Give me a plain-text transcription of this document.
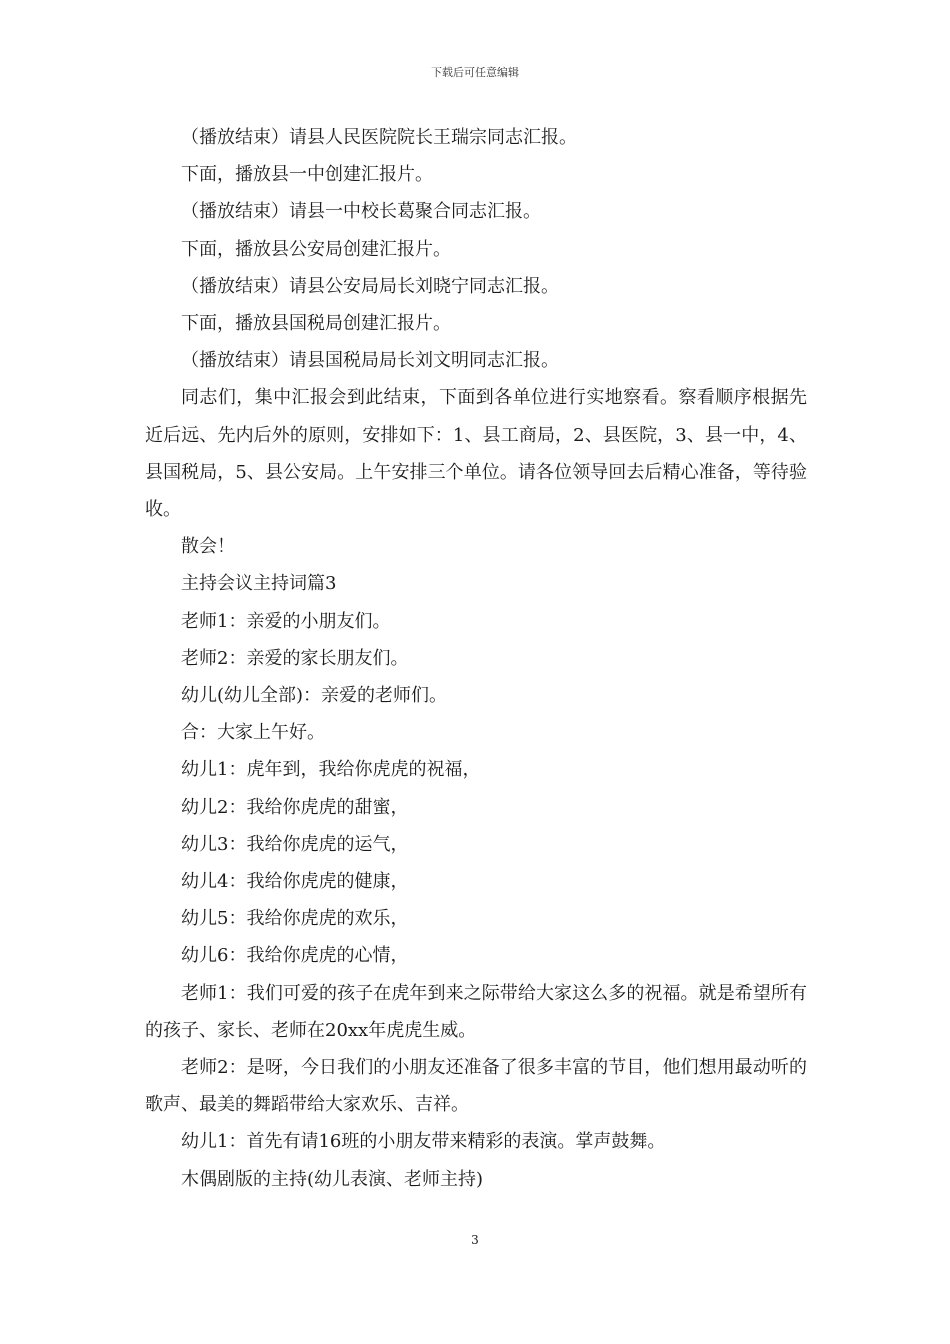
下载后可任意编辑

（播放结束）请县人民医院院长王瑞宗同志汇报。

下面，播放县一中创建汇报片。

（播放结束）请县一中校长葛聚合同志汇报。

下面，播放县公安局创建汇报片。

（播放结束）请县公安局局长刘晓宁同志汇报。

下面，播放县国税局创建汇报片。

（播放结束）请县国税局局长刘文明同志汇报。

同志们，集中汇报会到此结束，下面到各单位进行实地察看。察看顺序根据先近后远、先内后外的原则，安排如下：1、县工商局，2、县医院，3、县一中，4、县国税局，5、县公安局。上午安排三个单位。请各位领导回去后精心准备，等待验收。

散会！

主持会议主持词篇3

老师1：亲爱的小朋友们。

老师2：亲爱的家长朋友们。

幼儿(幼儿全部)：亲爱的老师们。

合：大家上午好。

幼儿1：虎年到，我给你虎虎的祝福，

幼儿2：我给你虎虎的甜蜜，

幼儿3：我给你虎虎的运气，

幼儿4：我给你虎虎的健康，

幼儿5：我给你虎虎的欢乐，

幼儿6：我给你虎虎的心情，

老师1：我们可爱的孩子在虎年到来之际带给大家这么多的祝福。就是希望所有的孩子、家长、老师在20xx年虎虎生威。

老师2：是呀，今日我们的小朋友还准备了很多丰富的节目，他们想用最动听的歌声、最美的舞蹈带给大家欢乐、吉祥。

幼儿1：首先有请16班的小朋友带来精彩的表演。掌声鼓舞。

木偶剧版的主持(幼儿表演、老师主持)

3
